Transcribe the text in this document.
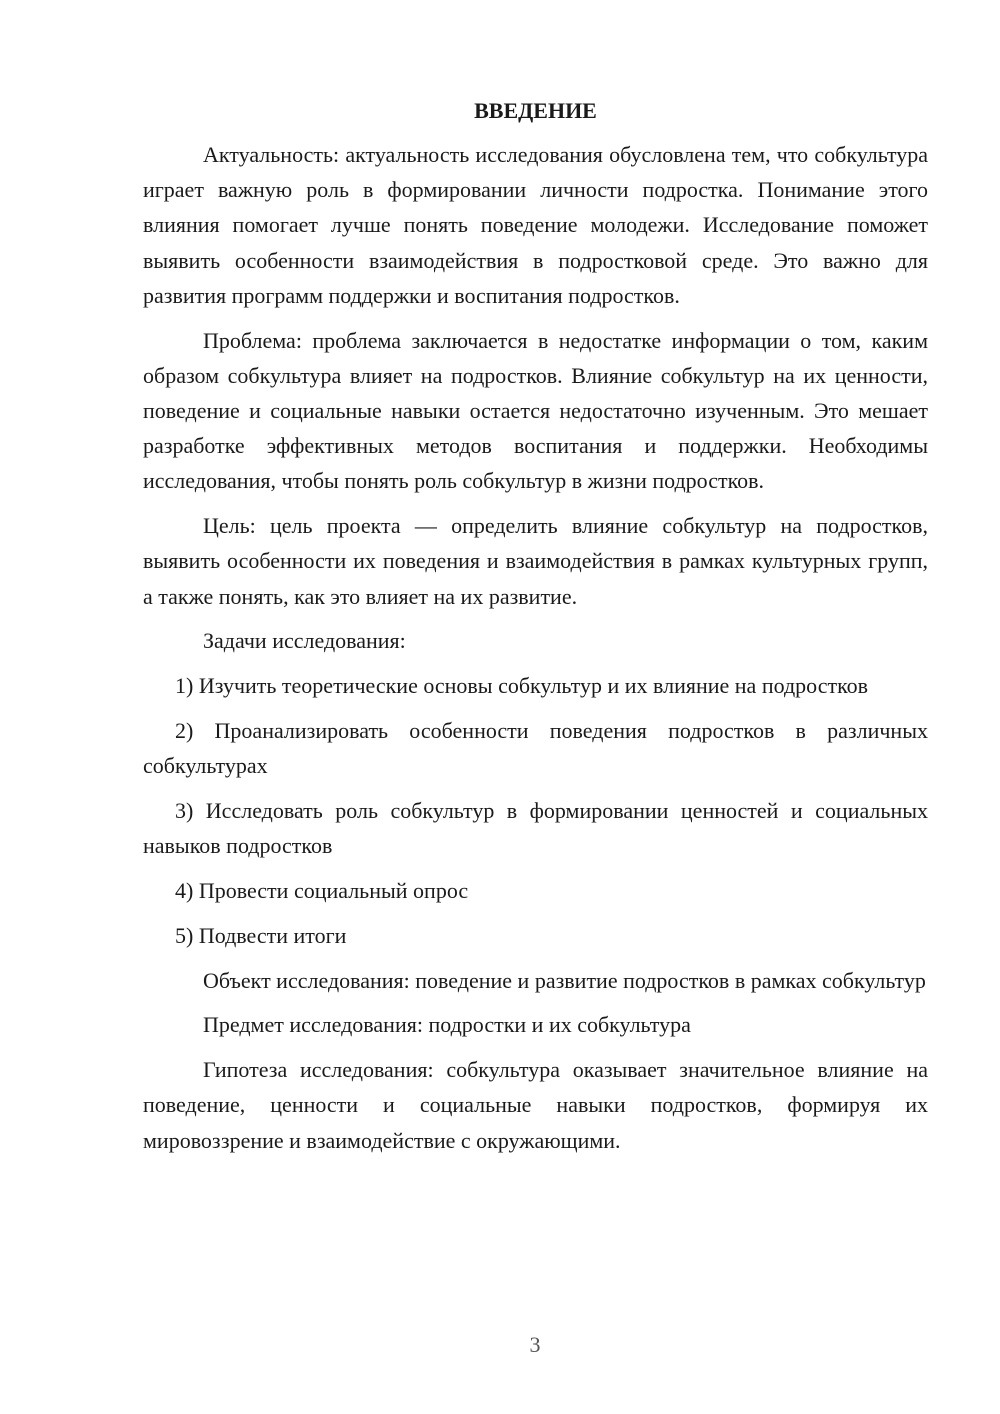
ВВЕДЕНИЕ

Актуальность: актуальность исследования обусловлена тем, что собкультура играет важную роль в формировании личности подростка. Понимание этого влияния помогает лучше понять поведение молодежи. Исследование поможет выявить особенности взаимодействия в подростковой среде. Это важно для развития программ поддержки и воспитания подростков.

Проблема: проблема заключается в недостатке информации о том, каким образом собкультура влияет на подростков. Влияние собкультур на их ценности, поведение и социальные навыки остается недостаточно изученным. Это мешает разработке эффективных методов воспитания и поддержки. Необходимы исследования, чтобы понять роль собкультур в жизни подростков.

Цель: цель проекта — определить влияние собкультур на подростков, выявить особенности их поведения и взаимодействия в рамках культурных групп, а также понять, как это влияет на их развитие.

Задачи исследования:

1) Изучить теоретические основы собкультур и их влияние на подростков

2) Проанализировать особенности поведения подростков в различных собкультурах

3) Исследовать роль собкультур в формировании ценностей и социальных навыков подростков

4) Провести социальный опрос

5) Подвести итоги

Объект исследования: поведение и развитие подростков в рамках собкультур

Предмет исследования: подростки и их собкультура

Гипотеза исследования: собкультура оказывает значительное влияние на поведение, ценности и социальные навыки подростков, формируя их мировоззрение и взаимодействие с окружающими.

3
